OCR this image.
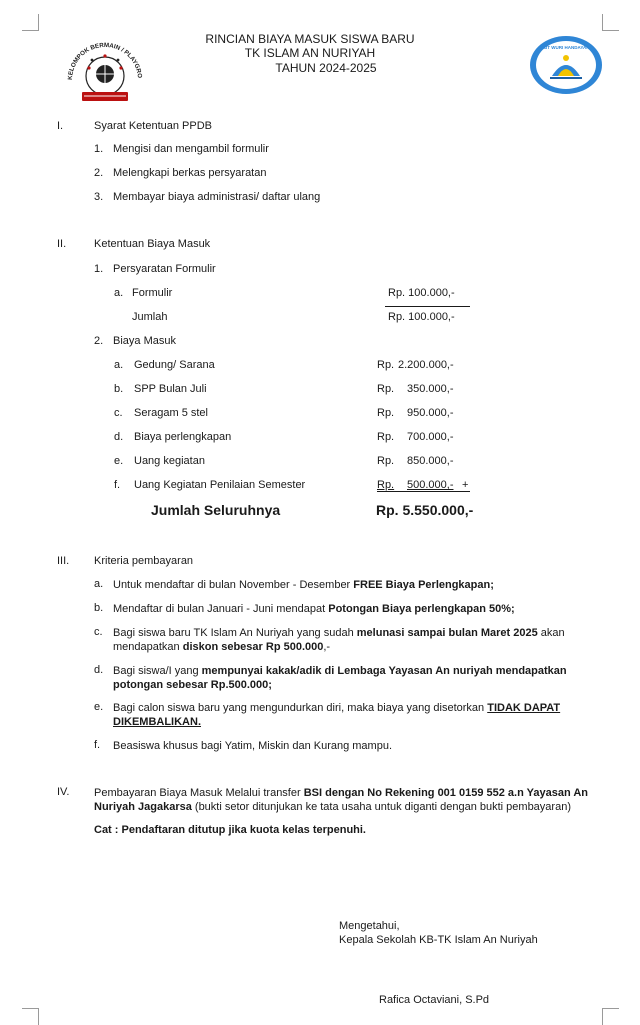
KELOMPOK BERMAIN / PLAYGRO
TUT WURI HANDAYANI
RINCIAN BIAYA MASUK SISWA BARU
TK ISLAM AN NURIYAH
TAHUN 2024-2025
I.	Syarat Ketentuan PPDB
1. Mengisi dan mengambil formulir
2. Melengkapi berkas persyaratan
3. Membayar biaya administrasi/ daftar ulang
II.	Ketentuan Biaya Masuk
1. Persyaratan Formulir
a. Formulir	Rp. 100.000,-
Jumlah	Rp. 100.000,-
2. Biaya Masuk
a. Gedung/ Sarana	Rp. 2.200.000,-
b. SPP Bulan Juli	Rp. 350.000,-
c. Seragam 5 stel	Rp. 950.000,-
d. Biaya perlengkapan	Rp. 700.000,-
e. Uang kegiatan	Rp. 850.000,-
f. Uang Kegiatan Penilaian Semester	Rp. 500.000,- +
Jumlah Seluruhnya	Rp. 5.550.000,-
III. Kriteria pembayaran
a. Untuk mendaftar di bulan November - Desember FREE Biaya Perlengkapan;
b. Mendaftar di bulan Januari - Juni mendapat Potongan Biaya perlengkapan 50%;
c. Bagi siswa baru TK Islam An Nuriyah yang sudah melunasi sampai bulan Maret 2025 akan mendapatkan diskon sebesar Rp 500.000,-
d. Bagi siswa/I yang mempunyai kakak/adik di Lembaga Yayasan An nuriyah mendapatkan potongan sebesar Rp.500.000;
e. Bagi calon siswa baru yang mengundurkan diri, maka biaya yang disetorkan TIDAK DAPAT DIKEMBALIKAN.
f. Beasiswa khusus bagi Yatim, Miskin dan Kurang mampu.
IV. Pembayaran Biaya Masuk Melalui transfer BSI dengan No Rekening 001 0159 552 a.n Yayasan An Nuriyah Jagakarsa (bukti setor ditunjukan ke tata usaha untuk diganti dengan bukti pembayaran)
Cat : Pendaftaran ditutup jika kuota kelas terpenuhi.
Mengetahui,
Kepala Sekolah KB-TK Islam An Nuriyah
Rafica Octaviani, S.Pd
